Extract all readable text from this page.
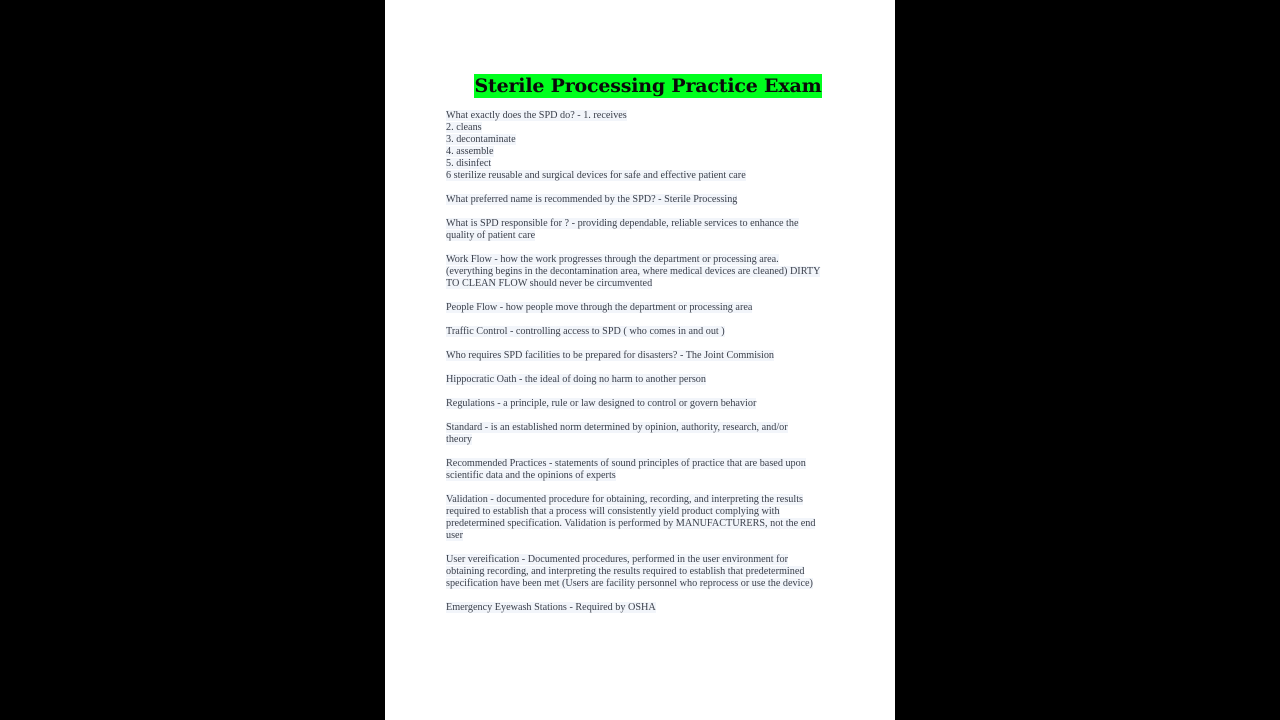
Sterile Processing Practice Exam
What exactly does the SPD do? - 1. receives
2. cleans
3. decontaminate
4. assemble
5. disinfect
6 sterilize reusable and surgical devices for safe and effective patient care
What preferred name is recommended by the SPD? - Sterile Processing
What is SPD responsible for ? - providing dependable, reliable services to enhance the
quality of patient care
Work Flow - how the work progresses through the department or processing area.
(everything begins in the decontamination area, where medical devices are cleaned) DIRTY
TO CLEAN FLOW should never be circumvented
People Flow - how people move through the department or processing area
Traffic Control - controlling access to SPD ( who comes in and out )
Who requires SPD facilities to be prepared for disasters? - The Joint Commision
Hippocratic Oath - the ideal of doing no harm to another person
Regulations - a principle, rule or law designed to control or govern behavior
Standard - is an established norm determined by opinion, authority, research, and/or
theory
Recommended Practices - statements of sound principles of practice that are based upon
scientific data and the opinions of experts
Validation - documented procedure for obtaining, recording, and interpreting the results
required to establish that a process will consistently yield product complying with
predetermined specification. Validation is performed by MANUFACTURERS, not the end
user
User vereification - Documented procedures, performed in the user environment for
obtaining recording, and interpreting the results required to establish that predetermined
specification have been met (Users are facility personnel who reprocess or use the device)
Emergency Eyewash Stations - Required by OSHA
